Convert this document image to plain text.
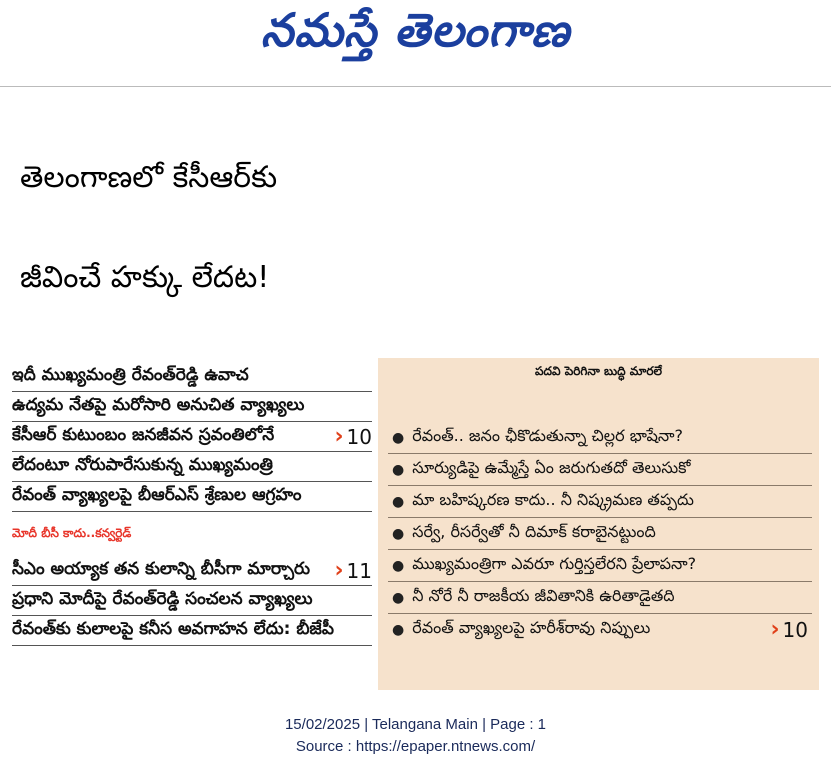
నమస్తే తెలంగాణ
తెలంగాణలో కేసీఆర్‌కు
జీవించే హక్కు లేదట!
ఇదీ ముఖ్యమంత్రి రేవంత్‌రెడ్డి ఉవాచ
ఉద్యమ నేతపై మరోసారి అనుచిత వ్యాఖ్యలు
కేసీఆర్ కుటుంబం జనజీవన స్రవంతిలోనే	› 10
లేదంటూ నోరుపారేసుకున్న ముఖ్యమంత్రి
రేవంత్ వ్యాఖ్యలపై బీఆర్ఎస్ శ్రేణుల ఆగ్రహం
మోదీ బీసీ కాదు..కన్వర్టెడ్
సీఎం అయ్యాక తన కులాన్ని బీసీగా మార్చారు › 11
ప్రధాని మోదీపై రేవంత్‌రెడ్డి సంచలన వ్యాఖ్యలు
రేవంత్‌కు కులాలపై కనీస అవగాహన లేదు: బీజేపీ
పదవి పెరిగినా బుద్ధి మారలే
● రేవంత్.. జనం ఛీకొడుతున్నా చిల్లర భాషేనా?
● సూర్యుడిపై ఉమ్మేస్తే ఏం జరుగుతదో తెలుసుకో
● మా బహిష్కరణ కాదు.. నీ నిష్క్రమణ తప్పదు
● సర్వే, రీసర్వేతో నీ దిమాక్ కరాబైనట్టుంది
● ముఖ్యమంత్రిగా ఎవరూ గుర్తిస్తలేరని ప్రేలాపనా?
● నీ నోరే నీ రాజకీయ జీవితానికి ఉరితాడైతది
● రేవంత్ వ్యాఖ్యలపై హరీశ్‌రావు నిప్పులు	› 10
15/02/2025 | Telangana Main | Page : 1
Source : https://epaper.ntnews.com/
